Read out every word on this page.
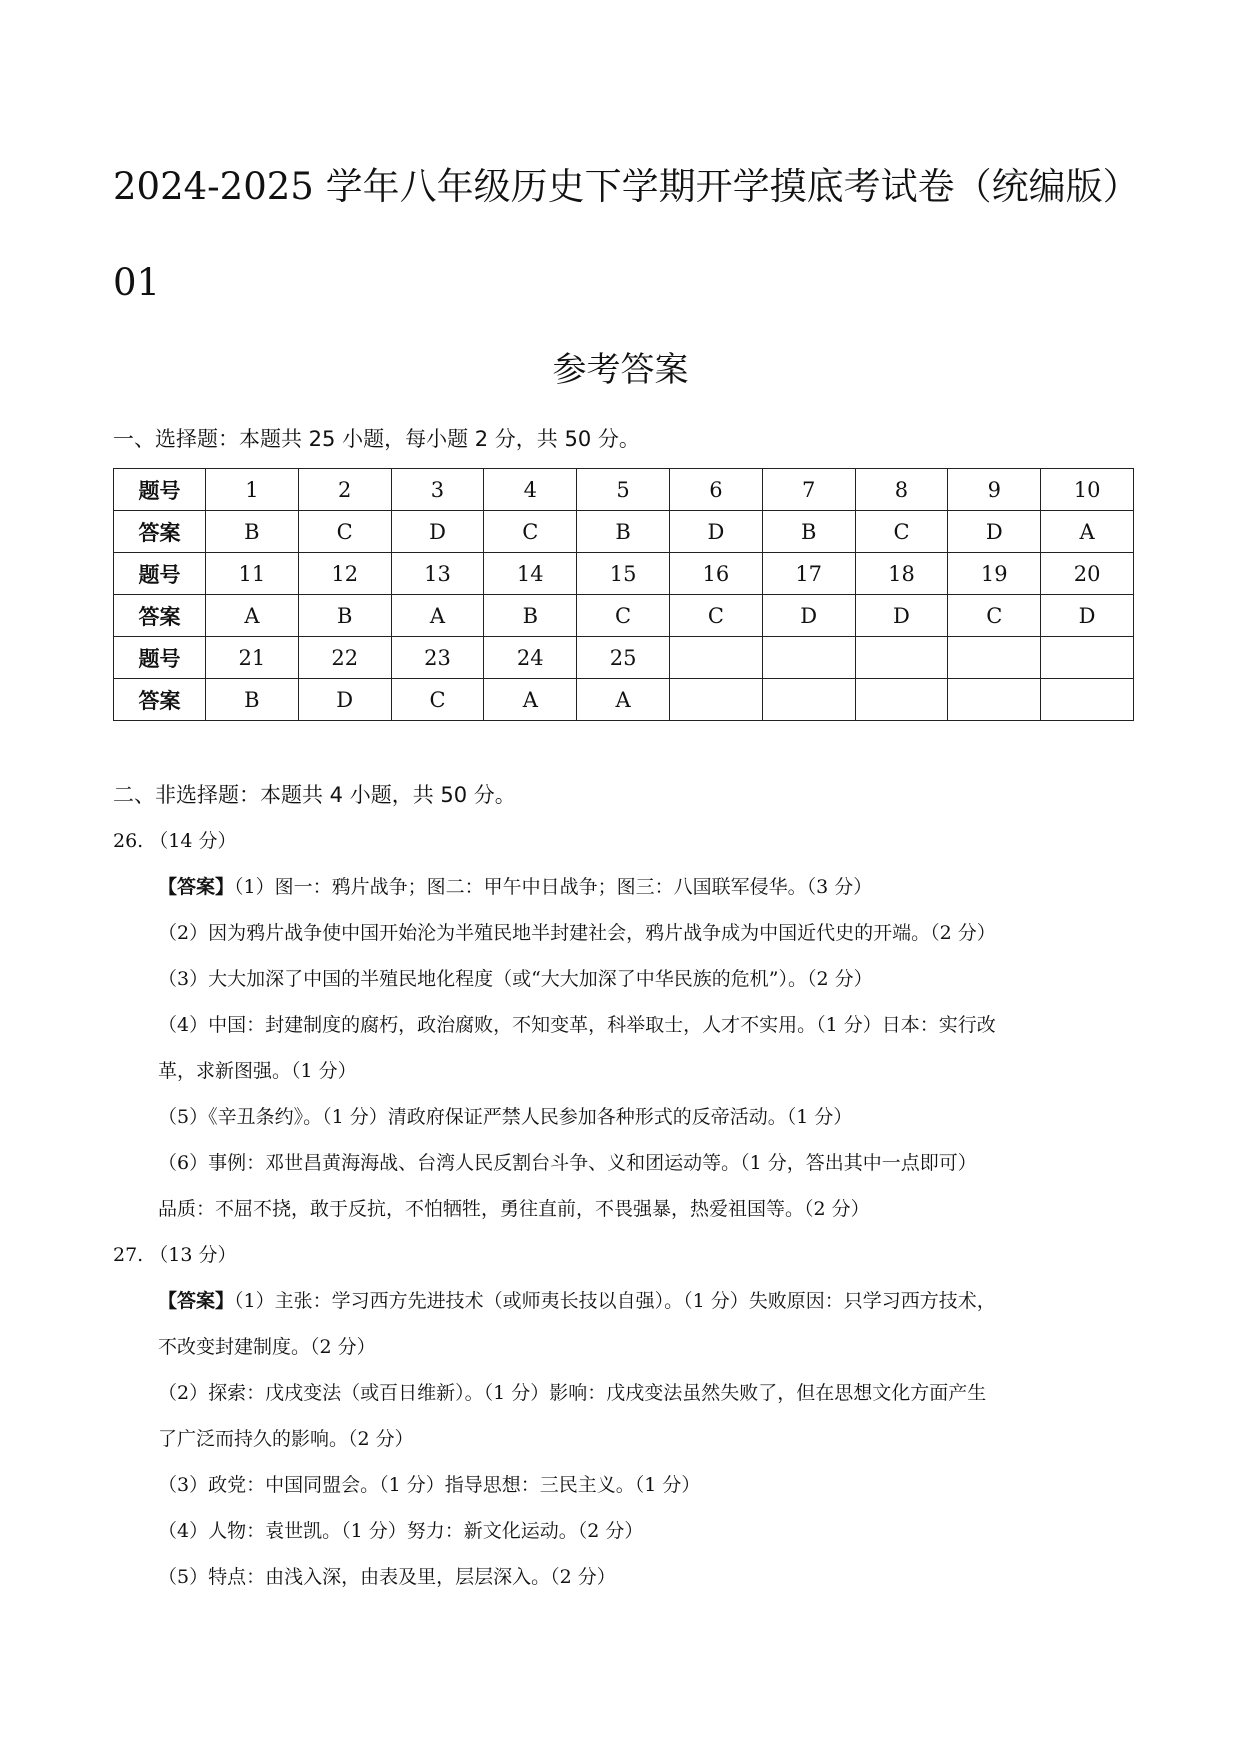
2024-2025 学年八年级历史下学期开学摸底考试卷（统编版）
01
参考答案
一、选择题：本题共 25 小题，每小题 2 分，共 50 分。
题号	1	2	3	4	5	6	7	8	9	10
答案	B	C	D	C	B	D	B	C	D	A
题号	11	12	13	14	15	16	17	18	19	20
答案	A	B	A	B	C	C	D	D	C	D
题号	21	22	23	24	25					
答案	B	D	C	A	A					
二、非选择题：本题共 4 小题，共 50 分。
26. （14 分）
【答案】（1）图一：鸦片战争；图二：甲午中日战争；图三：八国联军侵华。（3 分）
（2）因为鸦片战争使中国开始沦为半殖民地半封建社会，鸦片战争成为中国近代史的开端。（2 分）
（3）大大加深了中国的半殖民地化程度（或“大大加深了中华民族的危机”）。（2 分）
（4）中国：封建制度的腐朽，政治腐败，不知变革，科举取士，人才不实用。（1 分）日本：实行改
革，求新图强。（1 分）
（5）《辛丑条约》。（1 分）清政府保证严禁人民参加各种形式的反帝活动。（1 分）
（6）事例：邓世昌黄海海战、台湾人民反割台斗争、义和团运动等。（1 分，答出其中一点即可）
品质：不屈不挠，敢于反抗，不怕牺牲，勇往直前，不畏强暴，热爱祖国等。（2 分）
27. （13 分）
【答案】（1）主张：学习西方先进技术（或师夷长技以自强）。（1 分）失败原因：只学习西方技术，
不改变封建制度。（2 分）
（2）探索：戊戌变法（或百日维新）。（1 分）影响：戊戌变法虽然失败了，但在思想文化方面产生
了广泛而持久的影响。（2 分）
（3）政党：中国同盟会。（1 分）指导思想：三民主义。（1 分）
（4）人物：袁世凯。（1 分）努力：新文化运动。（2 分）
（5）特点：由浅入深，由表及里，层层深入。（2 分）
